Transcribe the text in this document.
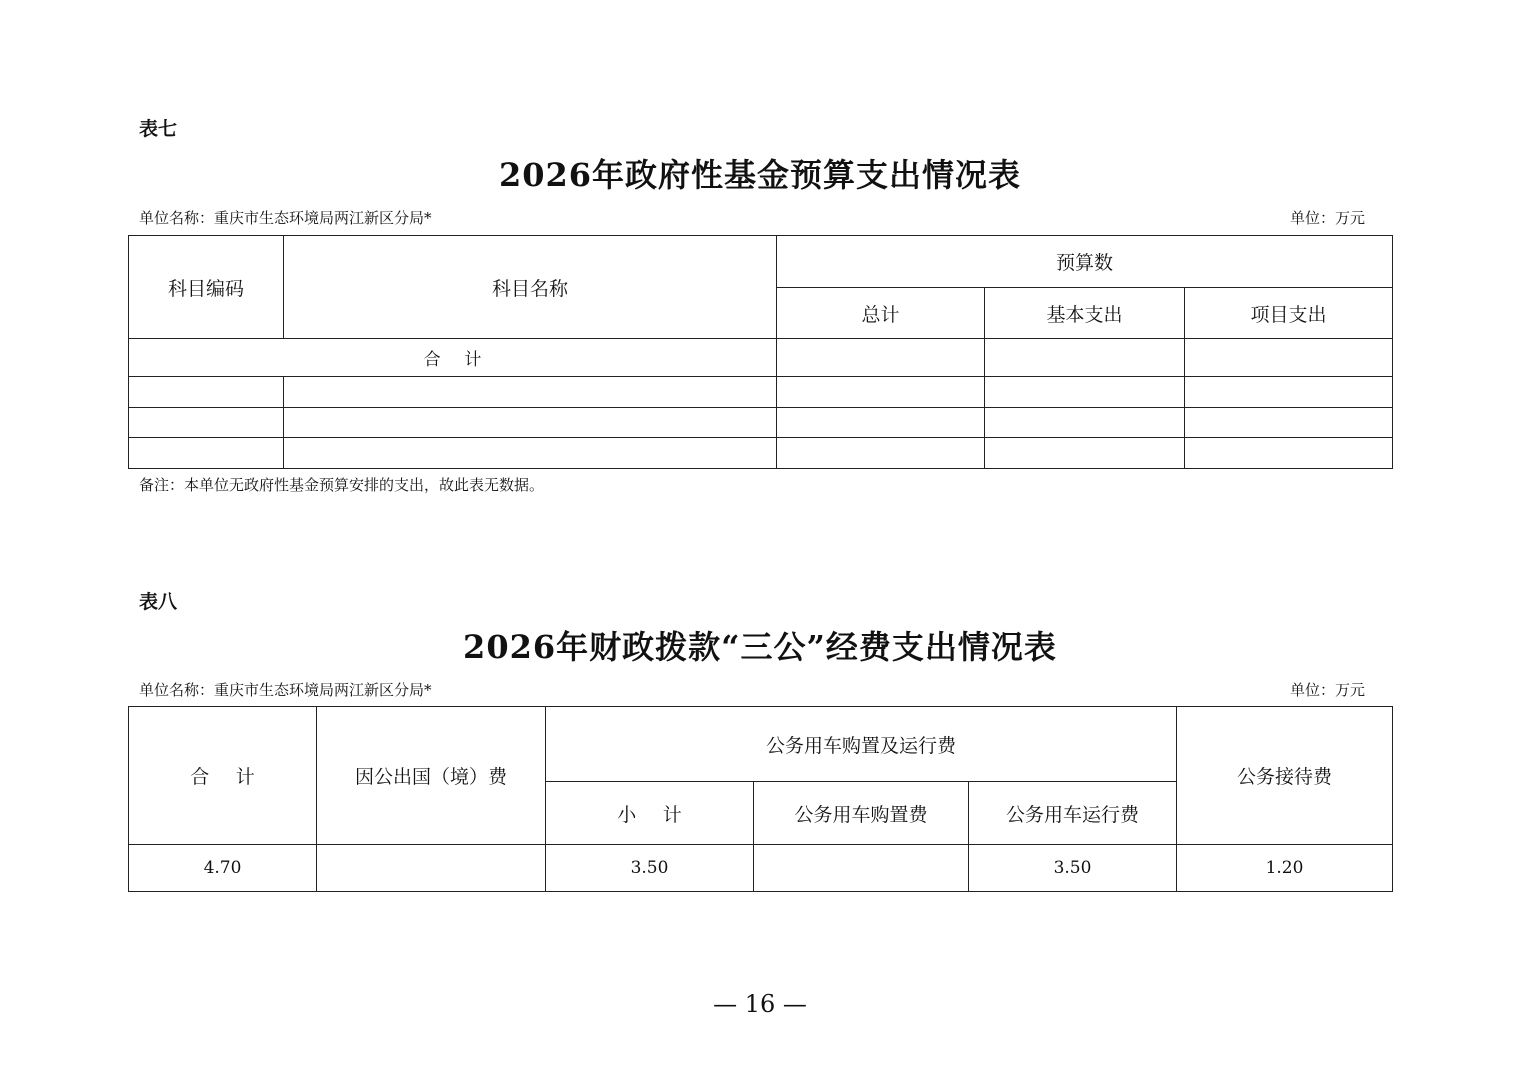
表七
2026年政府性基金预算支出情况表
单位名称：重庆市生态环境局两江新区分局*	单位：万元
科目编码	科目名称	预算数		
		总计	基本支出	项目支出
合计				

备注：本单位无政府性基金预算安排的支出，故此表无数据。
表八
2026年财政拨款“三公”经费支出情况表
单位名称：重庆市生态环境局两江新区分局*	单位：万元
合计	因公出国（境）费	公务用车购置及运行费			公务接待费
		小计	公务用车购置费	公务用车运行费	
4.70		3.50		3.50	1.20
— 16 —
